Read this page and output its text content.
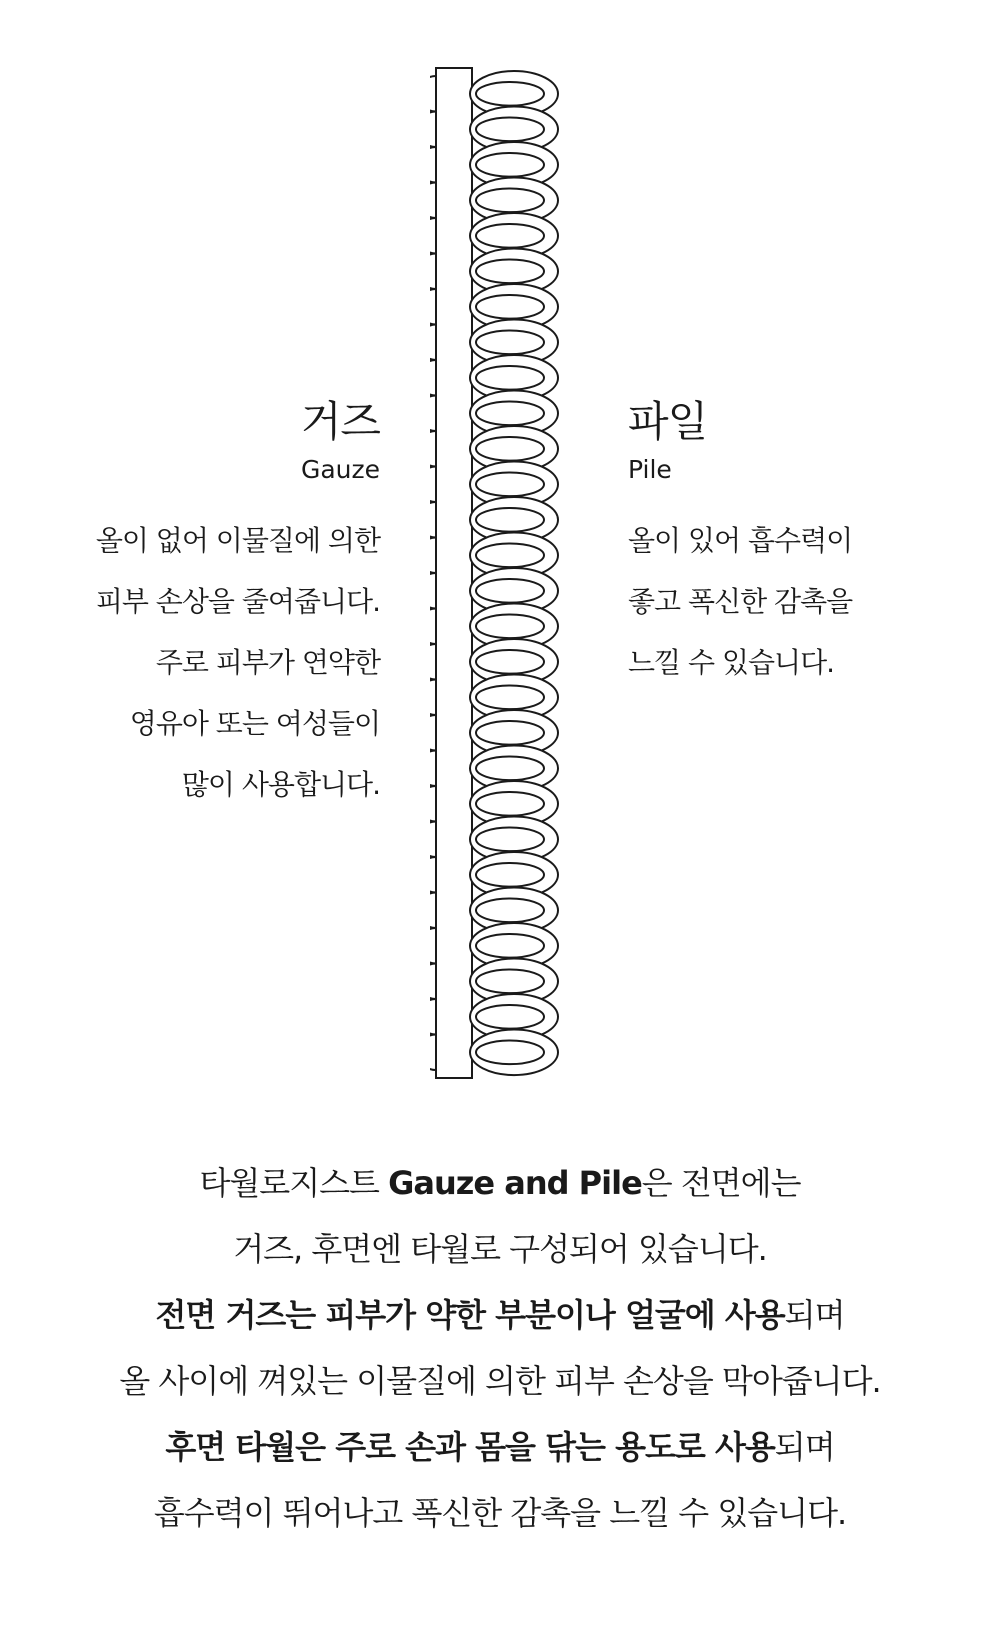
거즈
Gauze
올이 없어 이물질에 의한
피부 손상을 줄여줍니다.
주로 피부가 연약한
영유아 또는 여성들이
많이 사용합니다.
타월로지스트 Gauze and Pile은 전면에는
거즈, 후면엔 타월로 구성되어 있습니다.
전면 거즈는 피부가 약한 부분이나 얼굴에 사용되며
올 사이에 껴있는 이물질에 의한 피부 손상을 막아줍니다.
후면 타월은 주로 손과 몸을 닦는 용도로 사용되며
흡수력이 뛰어나고 폭신한 감촉을 느낄 수 있습니다.
파일
Pile
올이 있어 흡수력이
좋고 폭신한 감촉을
느낄 수 있습니다.
